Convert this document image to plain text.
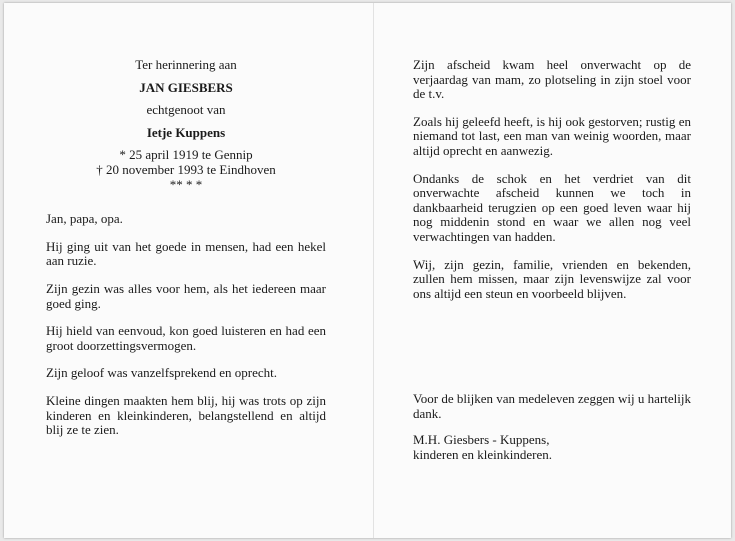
Ter herinnering aan

JAN GIESBERS

echtgenoot van

Ietje Kuppens

* 25 april 1919 te Gennip

† 20 november 1993 te Eindhoven

** * *

Jan, papa, opa.

Hij ging uit van het goede in mensen, had een hekel aan ruzie.

Zijn gezin was alles voor hem, als het iedereen maar goed ging.

Hij hield van eenvoud, kon goed luisteren en had een groot doorzettingsvermogen.

Zijn geloof was vanzelfsprekend en oprecht.

Kleine dingen maakten hem blij, hij was trots op zijn kinderen en kleinkinderen, belangstellend en altijd blij ze te zien.

Zijn afscheid kwam heel onverwacht op de verjaardag van mam, zo plotseling in zijn stoel voor de t.v.

Zoals hij geleefd heeft, is hij ook gestorven; rustig en niemand tot last, een man van weinig woorden, maar altijd oprecht en aanwezig.

Ondanks de schok en het verdriet van dit onverwachte afscheid kunnen we toch in dankbaarheid terugzien op een goed leven waar hij nog middenin stond en waar we allen nog veel verwachtingen van hadden.

Wij, zijn gezin, familie, vrienden en bekenden, zullen hem missen, maar zijn levenswijze zal voor ons altijd een steun en voorbeeld blijven.

Voor de blijken van medeleven zeggen wij u hartelijk dank.

M.H. Giesbers - Kuppens,

kinderen en kleinkinderen.
